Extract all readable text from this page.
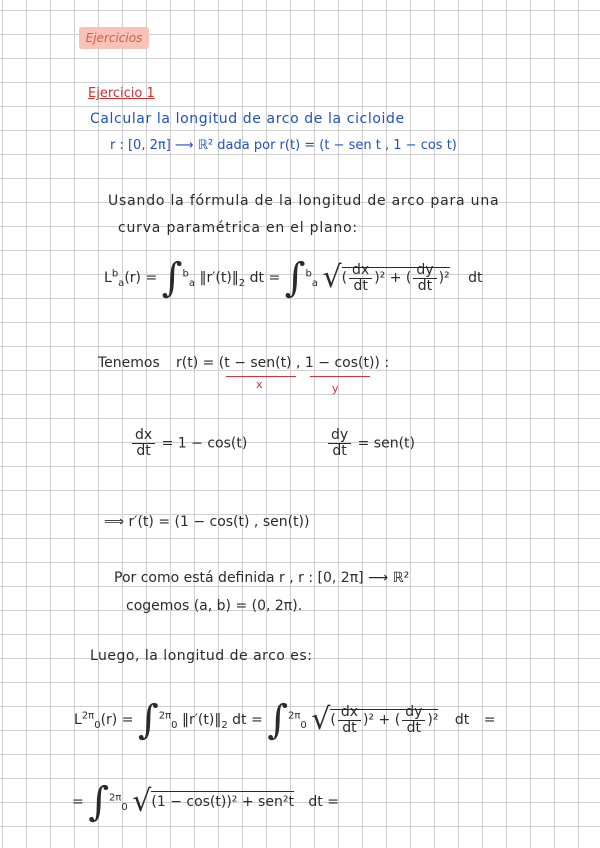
Ejercicios
Ejercicio 1
Calcular la longitud de arco de la cicloide
r : [0, 2π] ⟶ ℝ² dada por r(t) = (t − sen t , 1 − cos t)
Usando la fórmula de la longitud de arco para una
curva paramétrica en el plano:
$L^b_a(r) = \int^b_a$ $‖r'(t)‖_2$ dt = ∫$^b_a$ √( $\frac{dx}{dt} )^2$ + ( $\frac{dy}{dt} )^2$ dt
Tenemos r(t) = (t − sen(t) , 1 − cos(t)) :
x	y
$\frac{dx}{dt} = 1 - \cos(t)$	$\frac{dy}{dt} = sen(t)$
⟹ r′(t) = (1 − cos(t) , sen(t))
Por como está definida r , r : [0, 2π] ⟶ ℝ²
cogemos (a, b) = (0, 2π).
Luego, la longitud de arco es:
$L^{2\pi}_0(r) = \int^{2\pi}_0$ $‖r'(t)‖_2$ dt = ∫$^{2\pi}_0$ √( $\frac{dx}{dt} )^2$ + ( $\frac{dy}{dt} )^2$ dt =
= ∫$^{2\pi}_0$ √(1 − cos(t))² + sen²t dt =
